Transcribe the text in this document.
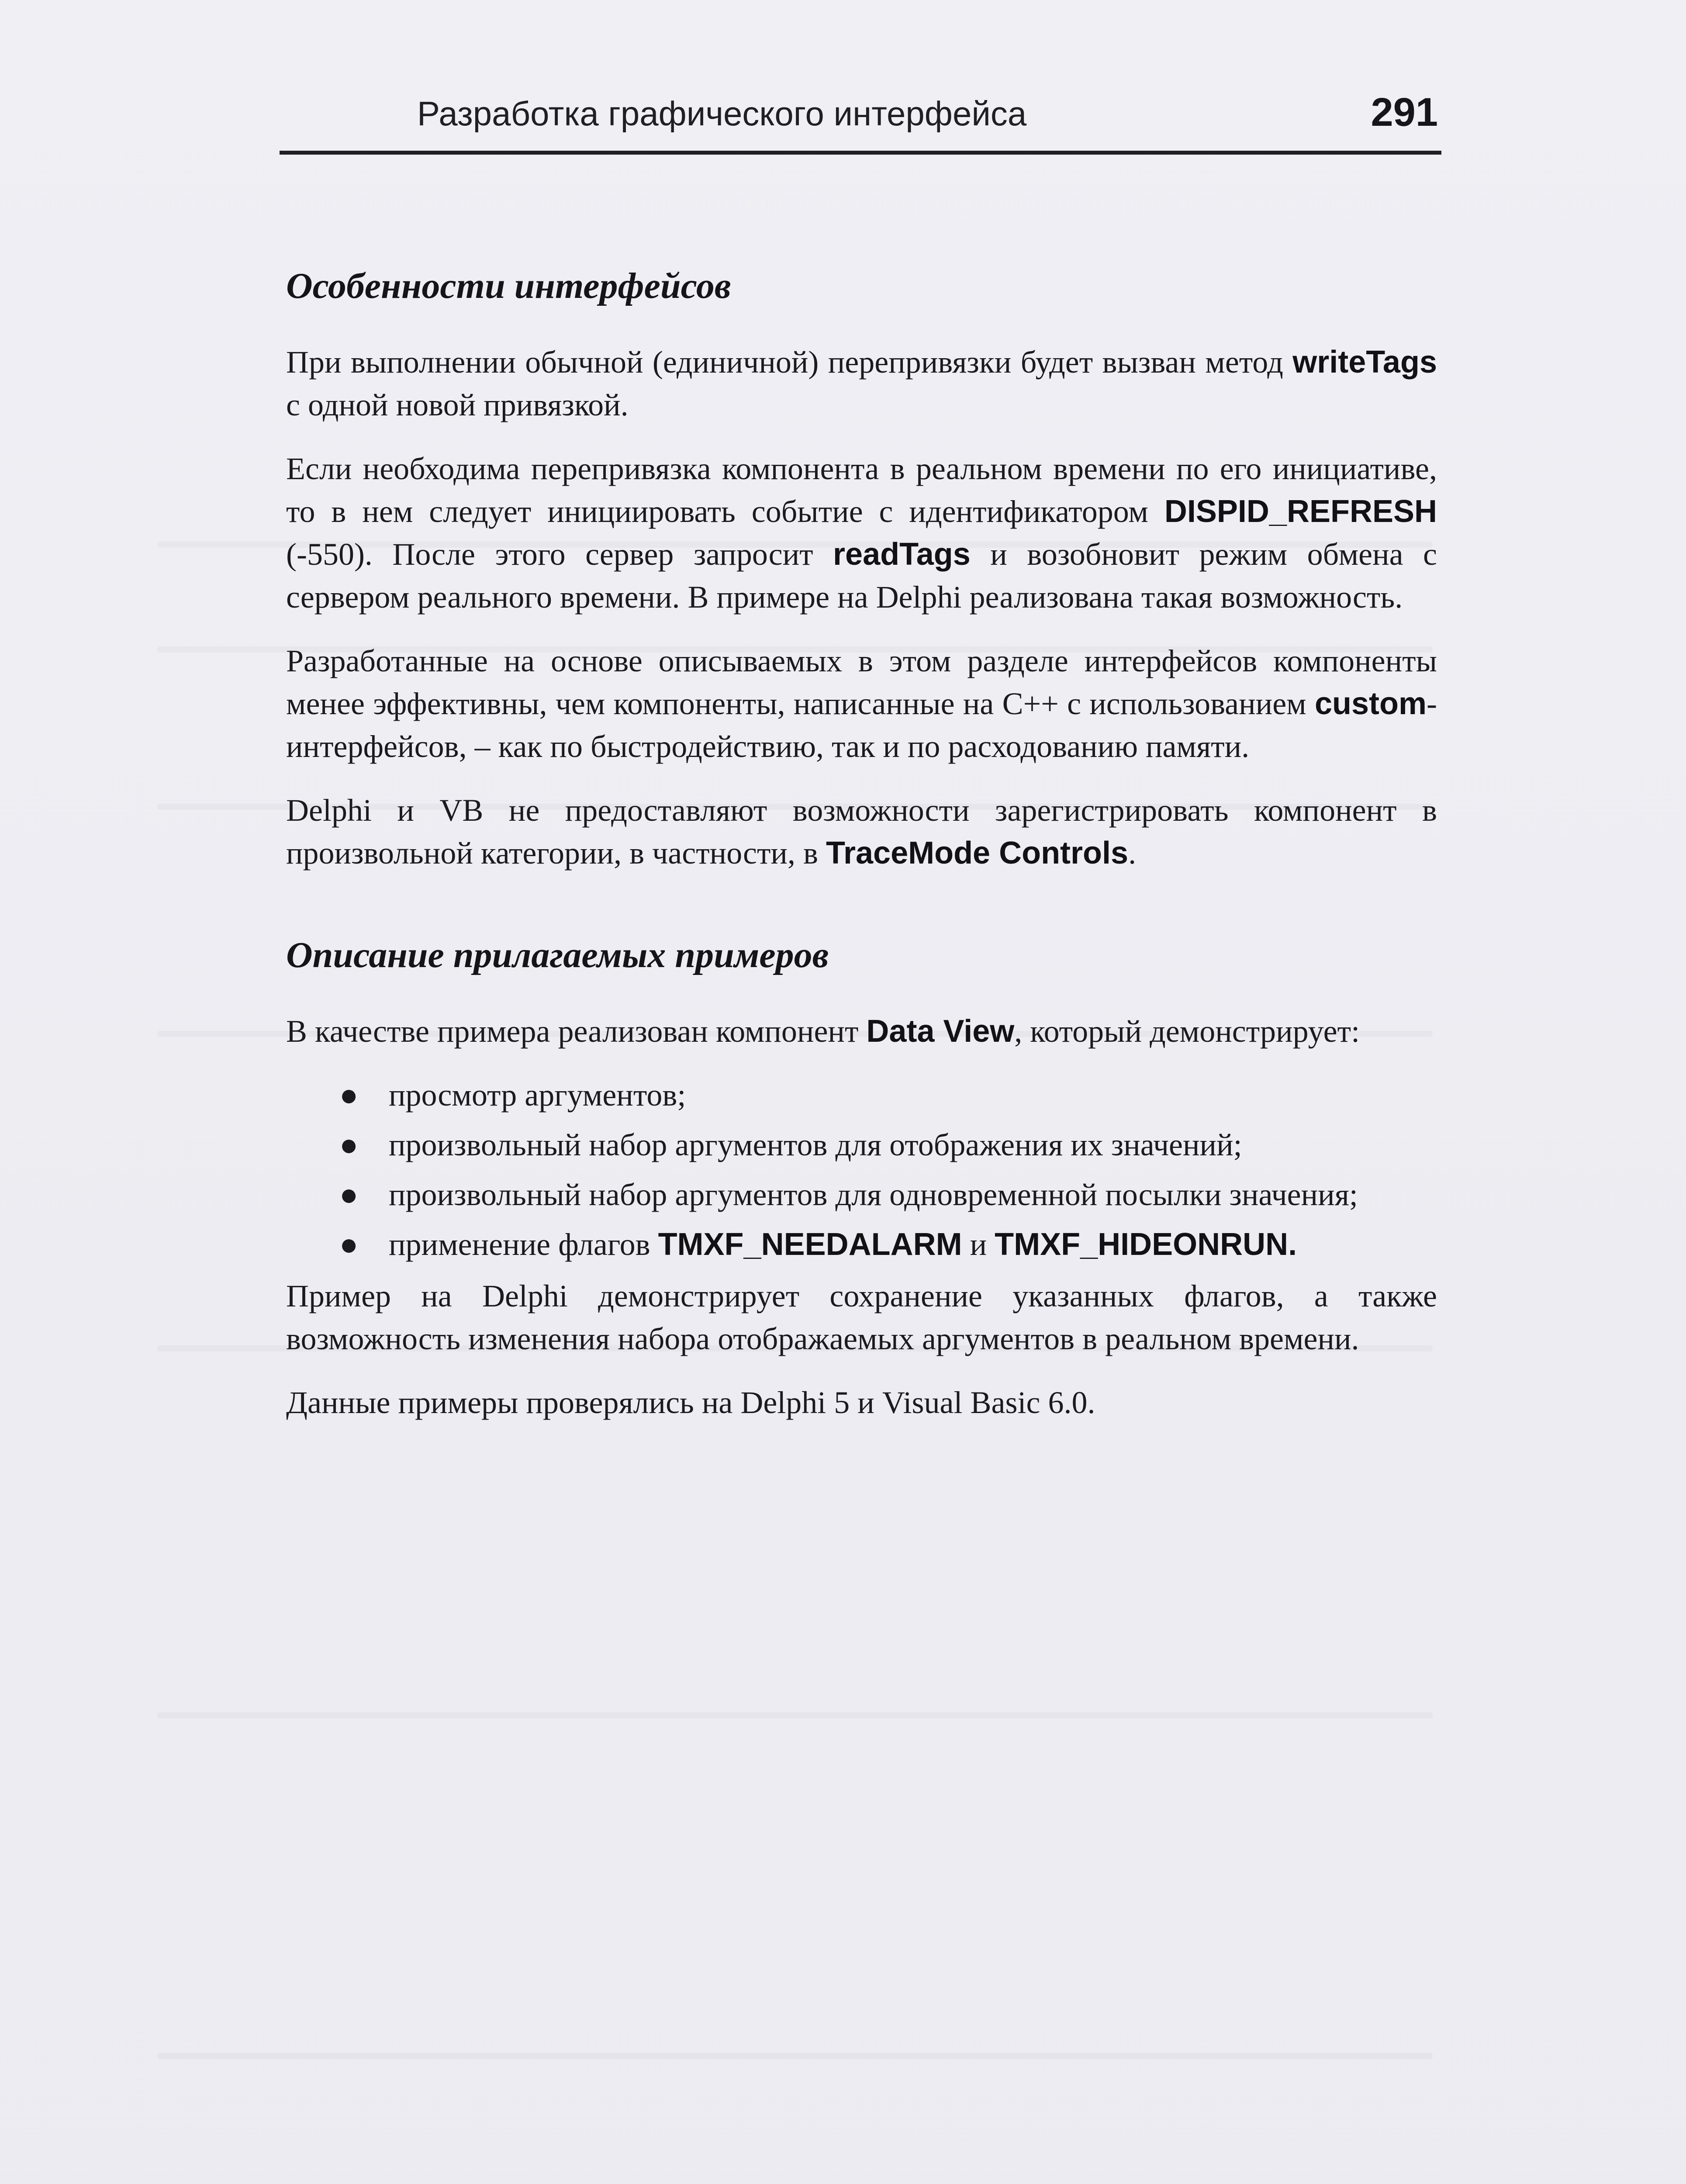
Разработка графического интерфейса	291
Особенности интерфейсов

При выполнении обычной (единичной) перепривязки будет вызван метод writeTags с одной новой привязкой.

Если необходима перепривязка компонента в реальном времени по его инициативе, то в нем следует инициировать событие с идентификатором DISPID_REFRESH (-550). После этого сервер запросит readTags и возобновит режим обмена с сервером реального времени. В примере на Delphi реализована такая возможность.

Разработанные на основе описываемых в этом разделе интерфейсов компоненты менее эффективны, чем компоненты, написанные на С++ с использованием custom-интерфейсов, – как по быстродействию, так и по расходованию памяти.

Delphi и VB не предоставляют возможности зарегистрировать компонент в произвольной категории, в частности, в TraceMode Controls.

Описание прилагаемых примеров

В качестве примера реализован компонент Data View, который демонстрирует:

● просмотр аргументов;
● произвольный набор аргументов для отображения их значений;
● произвольный набор аргументов для одновременной посылки значения;
● применение флагов TMXF_NEEDALARM и TMXF_HIDEONRUN.

Пример на Delphi демонстрирует сохранение указанных флагов, а также возможность изменения набора отображаемых аргументов в реальном времени.

Данные примеры проверялись на Delphi 5 и Visual Basic 6.0.
